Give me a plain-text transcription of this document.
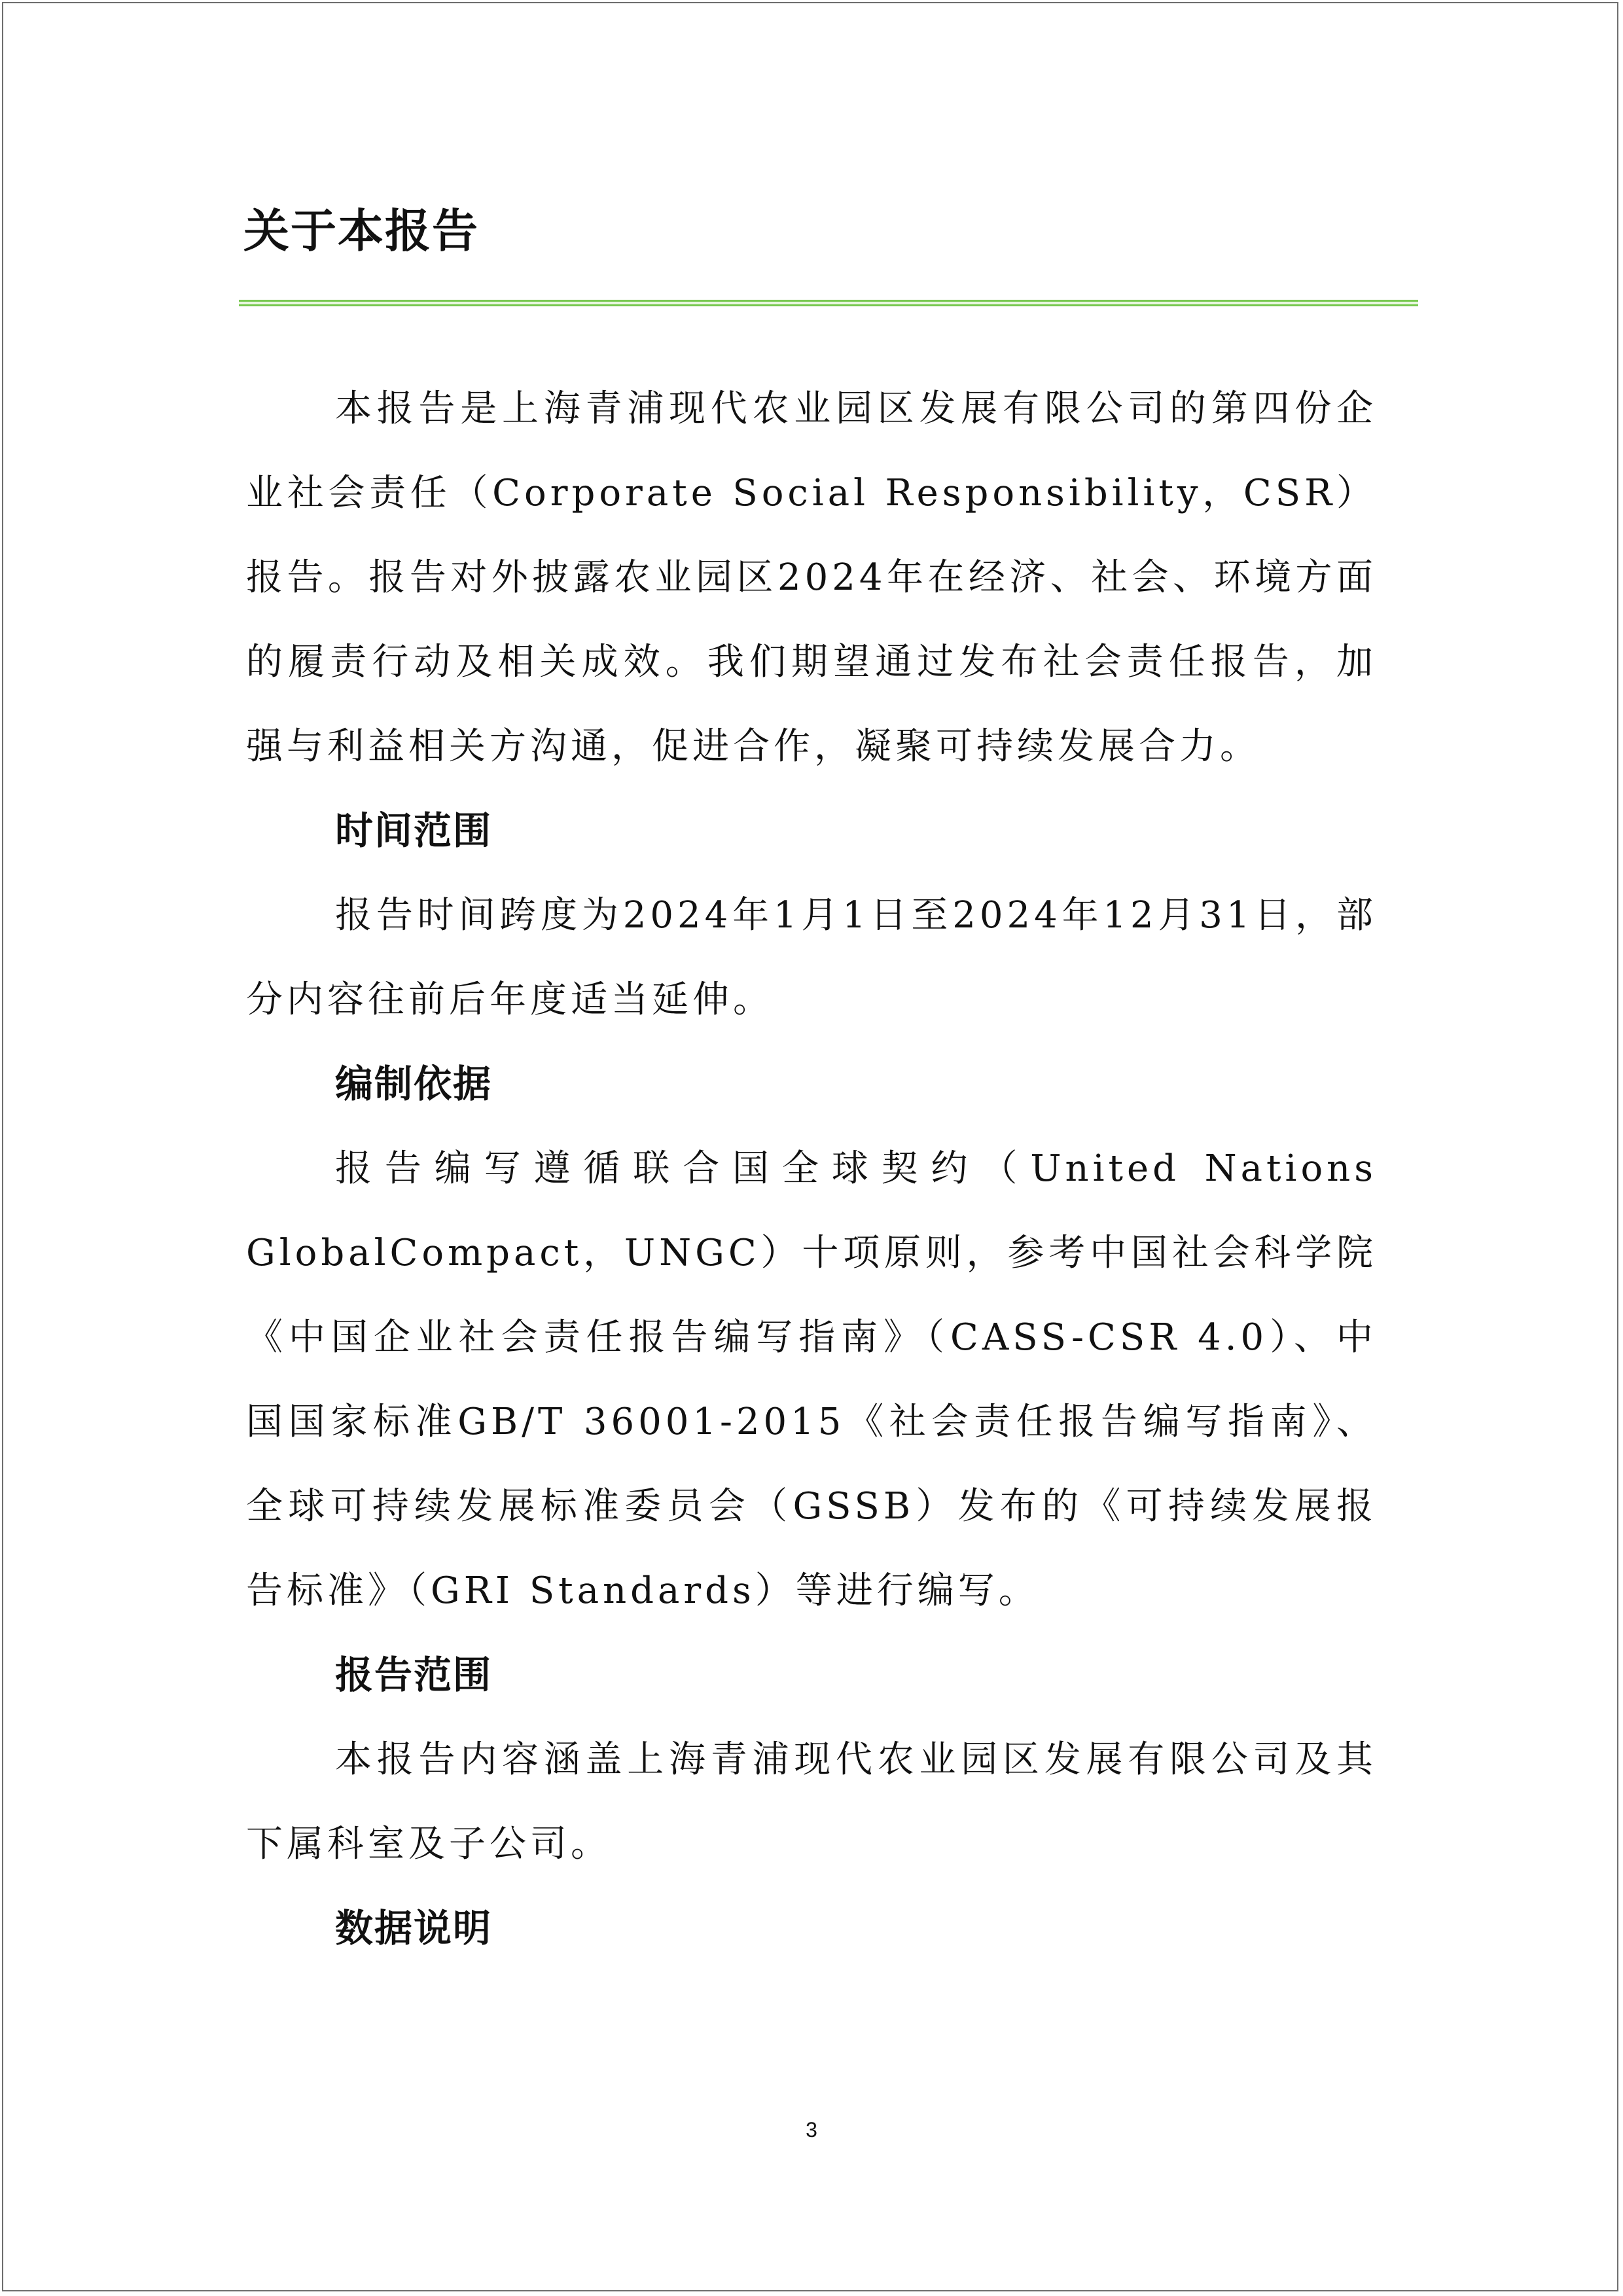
关于本报告

本报告是上海青浦现代农业园区发展有限公司的第四份企业社会责任（Corporate Social Responsibility，CSR）报告。报告对外披露农业园区2024年在经济、社会、环境方面的履责行动及相关成效。我们期望通过发布社会责任报告，加强与利益相关方沟通，促进合作，凝聚可持续发展合力。

时间范围

报告时间跨度为2024年1月1日至2024年12月31日，部分内容往前后年度适当延伸。

编制依据

报告编写遵循联合国全球契约（United Nations GlobalCompact，UNGC）十项原则，参考中国社会科学院《中国企业社会责任报告编写指南》（CASS-CSR 4.0）、中国国家标准GB/T 36001-2015《社会责任报告编写指南》、全球可持续发展标准委员会（GSSB）发布的《可持续发展报告标准》（GRI Standards）等进行编写。

报告范围

本报告内容涵盖上海青浦现代农业园区发展有限公司及其下属科室及子公司。

数据说明

3
